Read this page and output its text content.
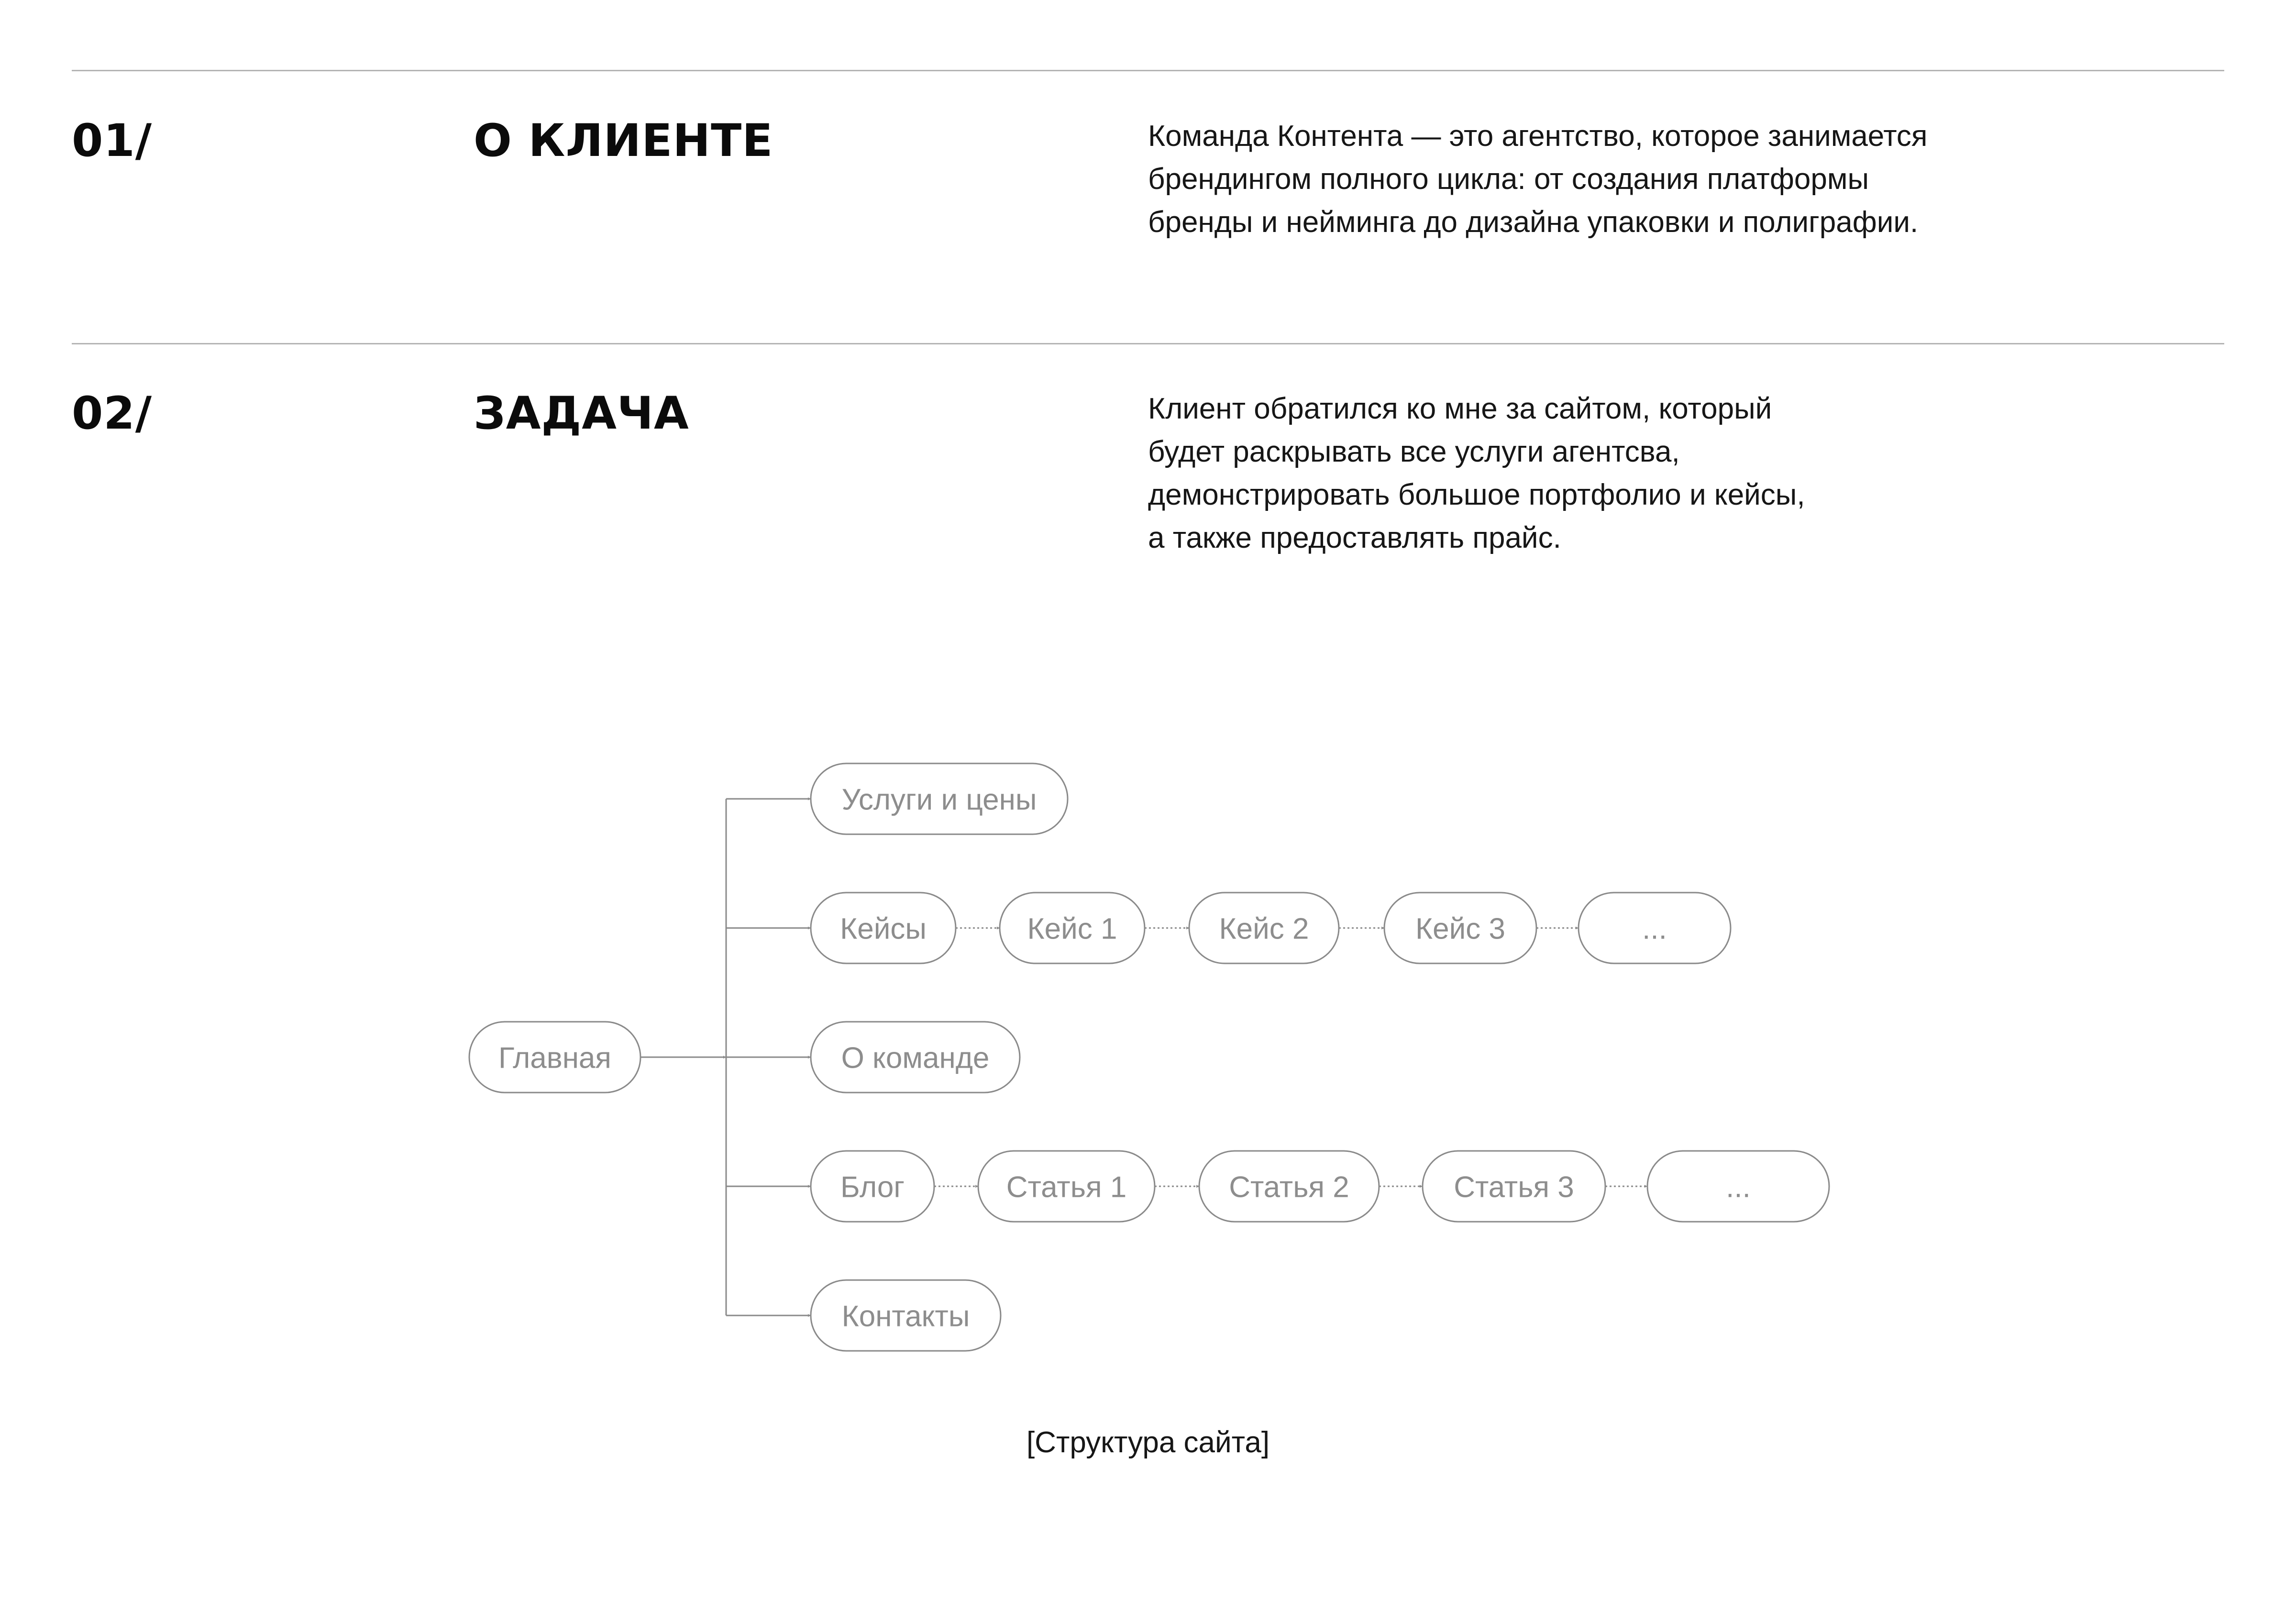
01/	О КЛИЕНТЕ	Команда Контента — это агентство, которое занимается
брендингом полного цикла: от создания платформы
бренды и нейминга до дизайна упаковки и полиграфии.
02/	ЗАДАЧА	Клиент обратился ко мне за сайтом, который
будет раскрывать все услуги агентсва,
демонстрировать большое портфолио и кейсы,
а также предоставлять прайс.
Главная
Услуги и цены
Кейсы	Кейс 1	Кейс 2	Кейс 3	...
О команде
Блог	Статья 1	Статья 2	Статья 3	...
Контакты
[Структура сайта]
